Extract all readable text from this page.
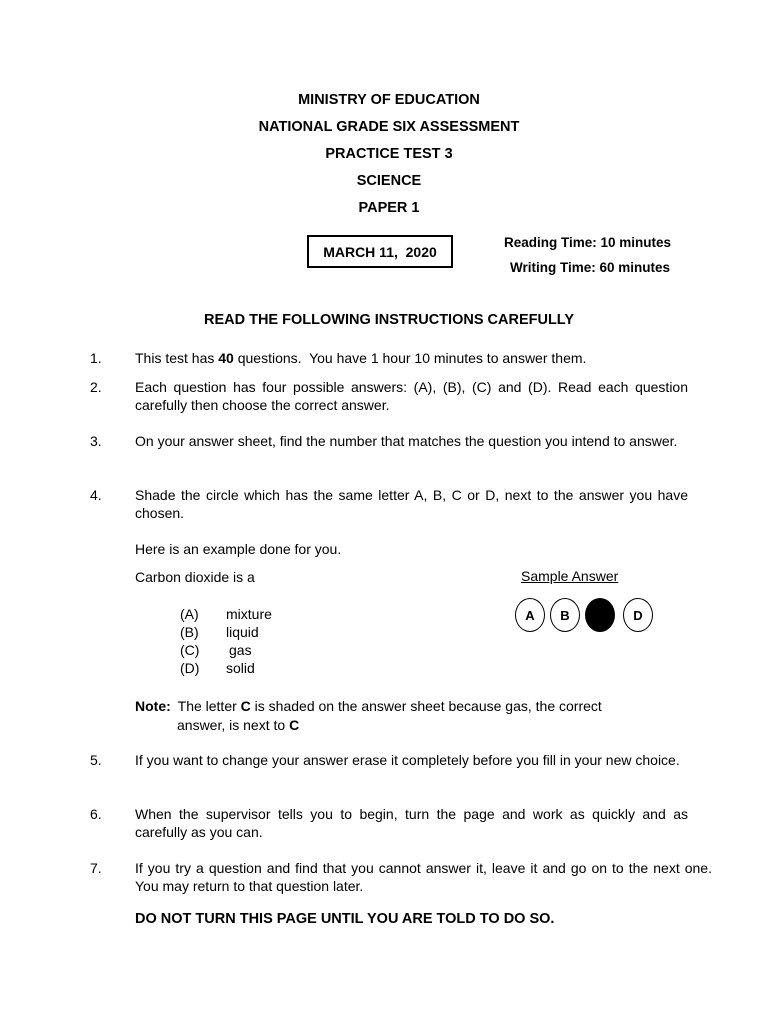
MINISTRY OF EDUCATION
NATIONAL GRADE SIX ASSESSMENT
PRACTICE TEST 3
SCIENCE
PAPER 1
MARCH 11,  2020
Reading Time: 10 minutes
Writing Time: 60 minutes
READ THE FOLLOWING INSTRUCTIONS CAREFULLY
1. This test has 40 questions.  You have 1 hour 10 minutes to answer them.
2. Each question has four possible answers: (A), (B), (C) and (D). Read each question carefully then choose the correct answer.
3. On your answer sheet, find the number that matches the question you intend to answer.
4. Shade the circle which has the same letter A, B, C or D, next to the answer you have chosen.
Here is an example done for you.
Carbon dioxide is a	Sample Answer
(A) mixture
(B) liquid
(C) gas
(D) solid
A	B	D
Note: The letter C is shaded on the answer sheet because gas, the correct
answer, is next to C
5. If you want to change your answer erase it completely before you fill in your new choice.
6. When the supervisor tells you to begin, turn the page and work as quickly and as carefully as you can.
7. If you try a question and find that you cannot answer it, leave it and go on to the next one. You may return to that question later.
DO NOT TURN THIS PAGE UNTIL YOU ARE TOLD TO DO SO.
